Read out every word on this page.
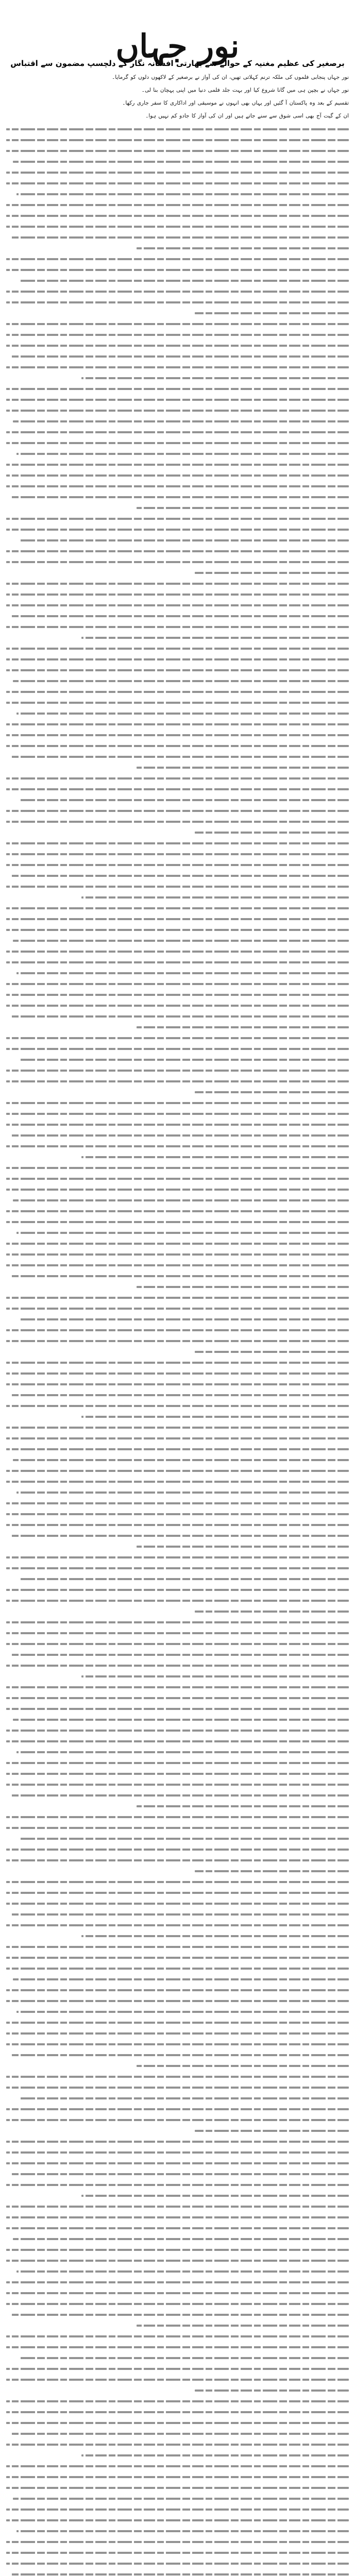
نور جہاں

برصغیر کی عظیم مغنیہ کے حوالے سے بھارتی افسانہ نگار کے دلچسپ مضمون سے اقتباس

نور جہاں پنجابی فلموں کی ملکہ ترنم کہلاتی تھیں، ان کی آواز نے برصغیر کے لاکھوں دلوں کو گرمایا۔

نور جہاں نے بچپن ہی میں گانا شروع کیا اور بہت جلد فلمی دنیا میں اپنی پہچان بنا لی۔

تقسیم کے بعد وہ پاکستان آ گئیں اور یہاں بھی انہوں نے موسیقی اور اداکاری کا سفر جاری رکھا۔

ان کے گیت آج بھی اسی شوق سے سنے جاتے ہیں اور ان کی آواز کا جادو کم نہیں ہوا۔
